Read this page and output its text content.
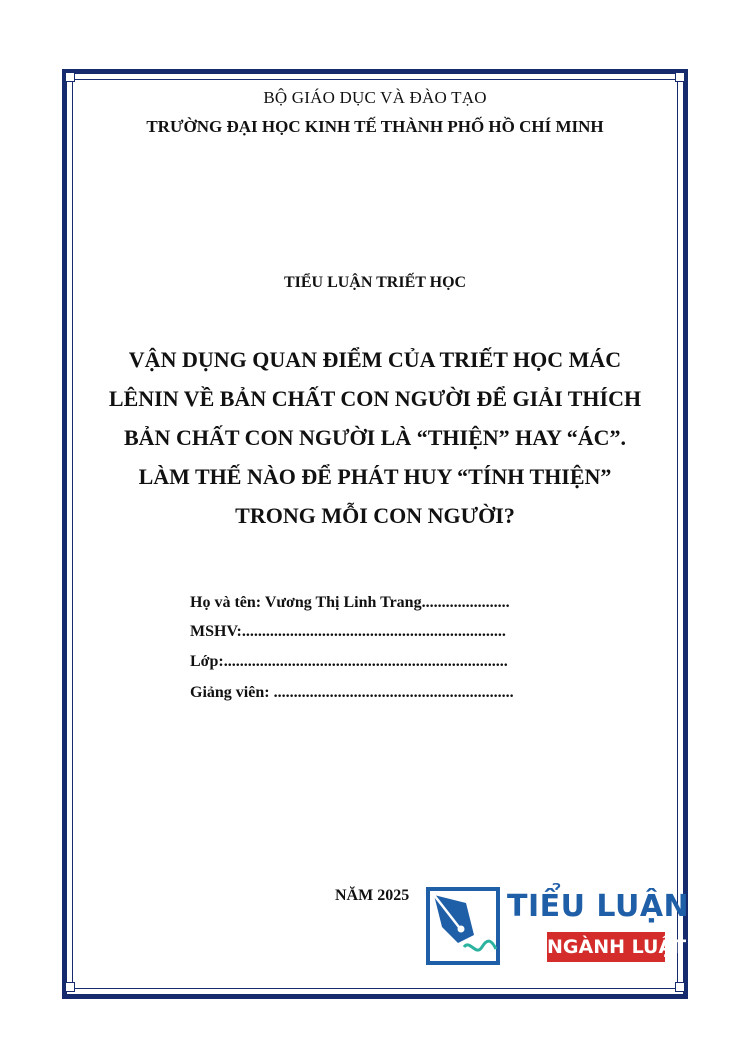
BỘ GIÁO DỤC VÀ ĐÀO TẠO
TRƯỜNG ĐẠI HỌC KINH TẾ THÀNH PHỐ HỒ CHÍ MINH
TIỂU LUẬN TRIẾT HỌC
VẬN DỤNG QUAN ĐIỂM CỦA TRIẾT HỌC MÁC
LÊNIN VỀ BẢN CHẤT CON NGƯỜI ĐỂ GIẢI THÍCH
BẢN CHẤT CON NGƯỜI LÀ “THIỆN” HAY “ÁC”.
LÀM THẾ NÀO ĐỂ PHÁT HUY “TÍNH THIỆN”
TRONG MỖI CON NGƯỜI?
Họ và tên: Vương Thị Linh Trang......................
MSHV:..................................................................
Lớp:.......................................................................
Giảng viên: ............................................................
NĂM 2025	TIỂU LUẬN
NGÀNH LUẬT
